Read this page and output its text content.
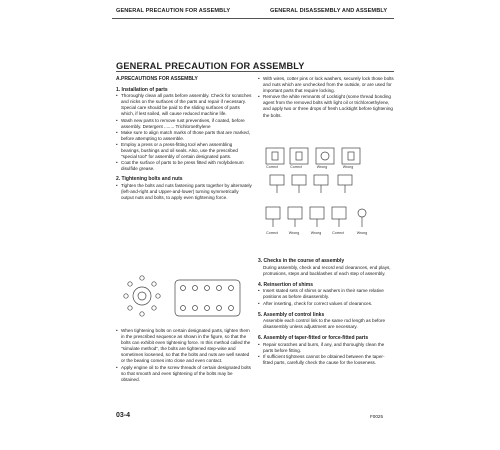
GENERAL PRECAUTION FOR ASSEMBLY	GENERAL DISASSEMBLY AND ASSEMBLY
GENERAL PRECAUTION FOR ASSEMBLY
A.PRECAUTIONS FOR ASSEMBLY
1. Installation of parts
• Thoroughly clean all parts before assembly. Check for scratches and nicks on the surfaces of the parts and repair if necessary.
Special care should be paid to the sliding surfaces of parts which, if lest soiled, will cause reduced machine life.
• Wash new parts to remove rust preventives, if coated, before assembly. Detergent ........ Trichloroethylene
• Make sure to align match marks of those parts that are marked, before attempting to assemble.
• Employ a press or a press-fitting tool when assembling bearings, bushings and oil seals. Also, use the prescribed "special tool" for assembly of certain designated parts.
• Coat the surface of parts to be press fitted with molybdenum disulfide grease.
2. Tightening bolts and nuts
• Tighten the bolts and nuts fastening parts together by alternately (left-and-right and Upper-and-lower) turning symmetrically output nuts and bolts, to apply even tightening force.
• When tightening bolts on certain designated parts, tighten them in the prescribed sequence as shown in the figure, so that the bolts can exhibit even tightening force. In this method called the "simulate method", the bolts are tightened step-wise and sometimes loosened, so that the bolts and nuts are well seated or the bearing comes into close and even contact.
• Apply engine oil to the screw threads of certain designated bolts so that smooth and even tightening of the bolts may be obtained.
• With wires, cotter pins or lock washers, securely lock those bolts and nuts which are unchecked from the outside, or are used for important parts that require locking.
• Remove the white remnants of Locktight (some thread bonding agent from the removed bolts with light oil or trichloroethylene, and apply two or three drops of fresh Locktight before tightening the bolts.
Correct	Correct	Wrong	Wrong
Correct	Wrong	Wrong	Correct	Wrong
3. Checks in the course of assembly
During assembly, check and record end clearances, end plays, protrusions, steps and backlashes of each step of assembly.
4. Reinsertion of shims
• Insert stated sets of shims or washers in their same relative positions as before disassembly.
• After inserting, check for correct values of clearances.
5. Assembly of control links
Assemble each control link to the same rod length as before disassembly unless adjustment are necessary.
6. Assembly of taper-fitted or force-fitted parts
• Repair scratches and burrs, if any, and thoroughly clean the parts before fitting.
• If sufficient tightness cannot be obtained between the taper-fitted parts, carefully check the cause for the looseness.
03-4	F0025
